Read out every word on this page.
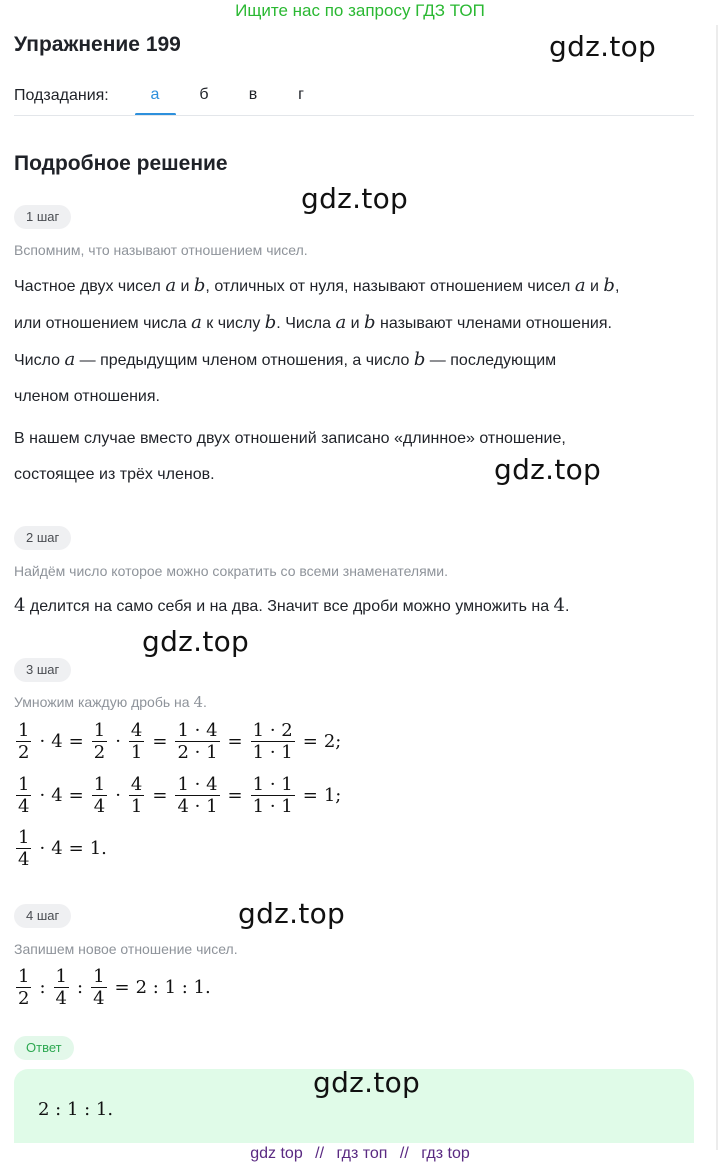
Ищите нас по запросу ГДЗ ТОП
Упражнение 199	gdz.top
Подзадания:	а	б	в	г
Подробное решение
gdz.top
1 шаг
Вспомним, что называют отношением чисел.
Частное двух чисел a и b, отличных от нуля, называют отношением чисел a и b,
или отношением числа a к числу b. Числа a и b называют членами отношения.
Число a — предыдущим членом отношения, а число b — последующим
членом отношения.
В нашем случае вместо двух отношений записано «длинное» отношение,
состоящее из трёх членов.	gdz.top
2 шаг
Найдём число которое можно сократить со всеми знаменателями.
4 делится на само себя и на два. Значит все дроби можно умножить на 4.
gdz.top
3 шаг
Умножим каждую дробь на 4.
$\frac{1}{2} \cdot 4 = \frac{1}{2} \cdot \frac{4}{1} = \frac{1 \cdot 4}{2 \cdot 1} = \frac{1 \cdot 2}{1 \cdot 1} = 2$;
$\frac{1}{4} \cdot 4 = \frac{1}{4} \cdot \frac{4}{1} = \frac{1 \cdot 4}{4 \cdot 1} = \frac{1 \cdot 1}{1 \cdot 1} = 1$;
$\frac{1}{4} \cdot 4 = 1$.
4 шаг	gdz.top
Запишем новое отношение чисел.
$\frac{1}{2}$ : $\frac{1}{4}$ : $\frac{1}{4} = 2$ : 1 : 1.
Ответ
gdz.top
2 : 1 : 1.
gdz top // гдз топ // гдз top
